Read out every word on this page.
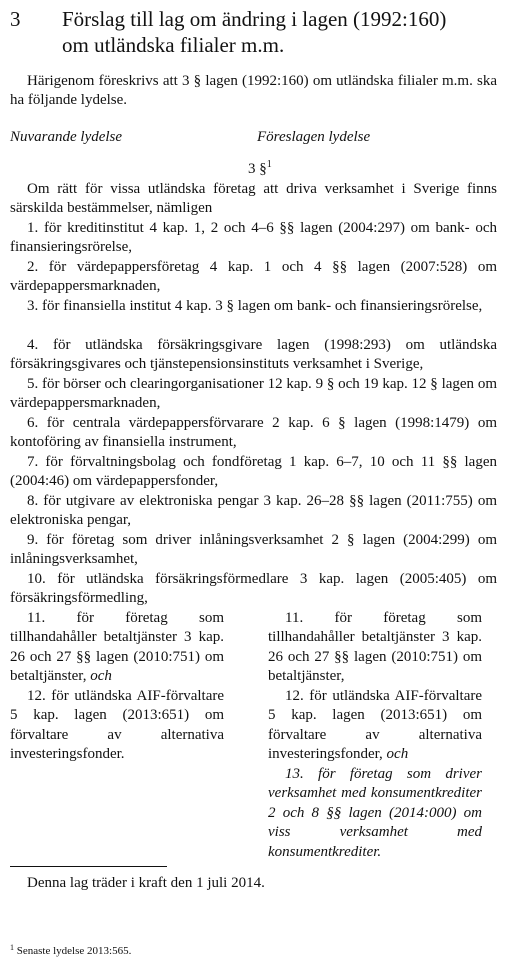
3 Förslag till lag om ändring i lagen (1992:160)
om utländska filialer m.m.
Härigenom föreskrivs att 3 § lagen (1992:160) om utländska filialer m.m. ska ha följande lydelse.
Nuvarande lydelse	Föreslagen lydelse
3 §$^1$
Om rätt för vissa utländska företag att driva verksamhet i Sverige finns särskilda bestämmelser, nämligen
1. för kreditinstitut 4 kap. 1, 2 och 4–6 §§ lagen (2004:297) om bank- och finansieringsrörelse,
2. för värdepappersföretag 4 kap. 1 och 4 §§ lagen (2007:528) om värdepappersmarknaden,
3. för finansiella institut 4 kap. 3 § lagen om bank- och finansieringsrörelse,
4. för utländska försäkringsgivare lagen (1998:293) om utländska försäkringsgivares och tjänstepensionsinstituts verksamhet i Sverige,
5. för börser och clearingorganisationer 12 kap. 9 § och 19 kap. 12 § lagen om värdepappersmarknaden,
6. för centrala värdepappersförvarare 2 kap. 6 § lagen (1998:1479) om kontoföring av finansiella instrument,
7. för förvaltningsbolag och fondföretag 1 kap. 6–7, 10 och 11 §§ lagen (2004:46) om värdepappersfonder,
8. för utgivare av elektroniska pengar 3 kap. 26–28 §§ lagen (2011:755) om elektroniska pengar,
9. för företag som driver inlåningsverksamhet 2 § lagen (2004:299) om inlåningsverksamhet,
10. för utländska försäkringsförmedlare 3 kap. lagen (2005:405) om försäkringsförmedling,
11. för företag som tillhandahåller betaltjänster 3 kap. 26 och 27 §§ lagen (2010:751) om betaltjänster, och
12. för utländska AIF-förvaltare 5 kap. lagen (2013:651) om förvaltare av alternativa investeringsfonder.
11. för företag som tillhandahåller betaltjänster 3 kap. 26 och 27 §§ lagen (2010:751) om betaltjänster,
12. för utländska AIF-förvaltare 5 kap. lagen (2013:651) om förvaltare av alternativa investeringsfonder, och
13. för företag som driver verksamhet med konsumentkrediter 2 och 8 §§ lagen (2014:000) om viss verksamhet med konsumentkrediter.
Denna lag träder i kraft den 1 juli 2014.
$^1$ Senaste lydelse 2013:565.
